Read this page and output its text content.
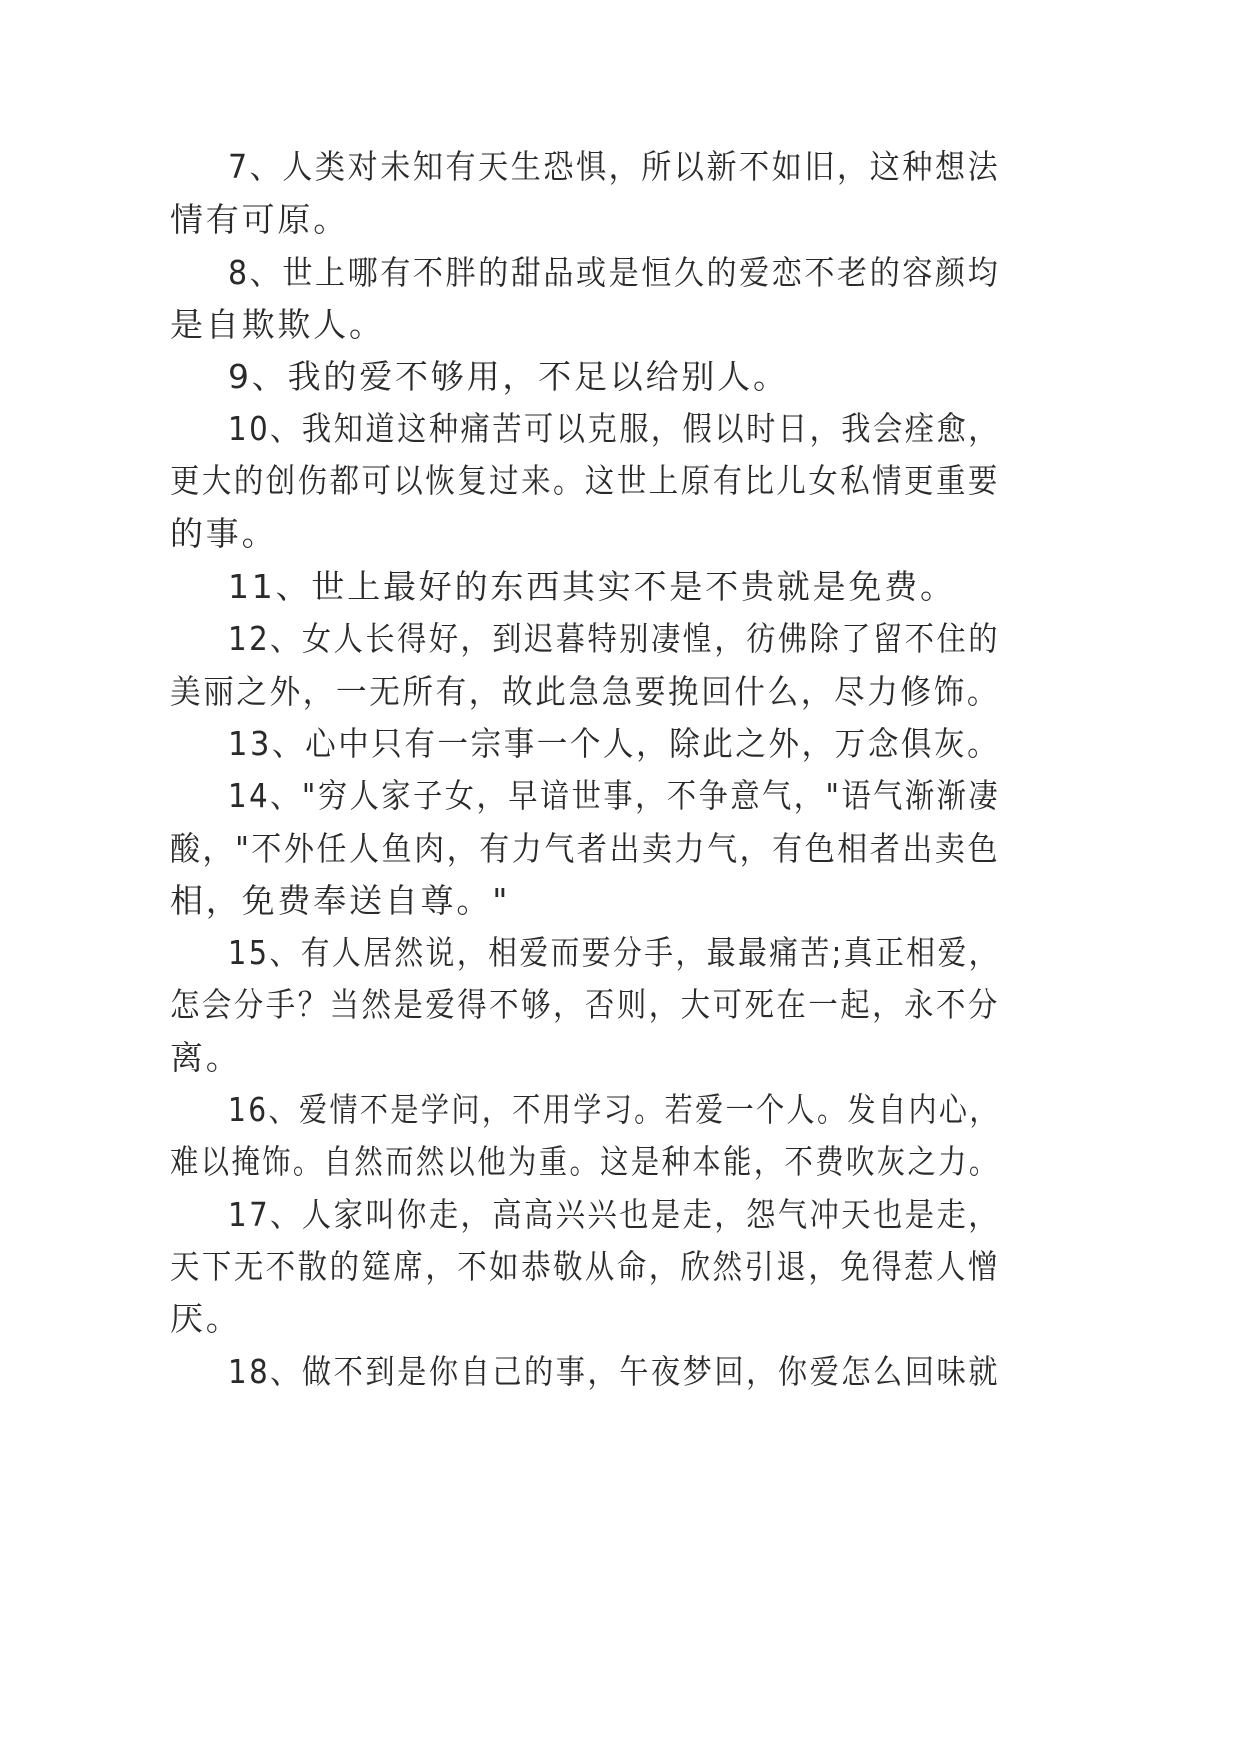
7、人类对未知有天生恐惧，所以新不如旧，这种想法
情有可原。
8、世上哪有不胖的甜品或是恒久的爱恋不老的容颜均
是自欺欺人。
9、我的爱不够用，不足以给别人。
10、我知道这种痛苦可以克服，假以时日，我会痊愈，
更大的创伤都可以恢复过来。这世上原有比儿女私情更重要
的事。
11、世上最好的东西其实不是不贵就是免费。
12、女人长得好，到迟暮特别凄惶，彷佛除了留不住的
美丽之外，一无所有，故此急急要挽回什么，尽力修饰。
13、心中只有一宗事一个人，除此之外，万念俱灰。
14、"穷人家子女，早谙世事，不争意气，"语气渐渐凄
酸，"不外任人鱼肉，有力气者出卖力气，有色相者出卖色
相，免费奉送自尊。"
15、有人居然说，相爱而要分手，最最痛苦;真正相爱，
怎会分手？当然是爱得不够，否则，大可死在一起，永不分
离。
16、爱情不是学问，不用学习。若爱一个人。发自内心，
难以掩饰。自然而然以他为重。这是种本能，不费吹灰之力。
17、人家叫你走，高高兴兴也是走，怨气冲天也是走，
天下无不散的筵席，不如恭敬从命，欣然引退，免得惹人憎
厌。
18、做不到是你自己的事，午夜梦回，你爱怎么回味就
